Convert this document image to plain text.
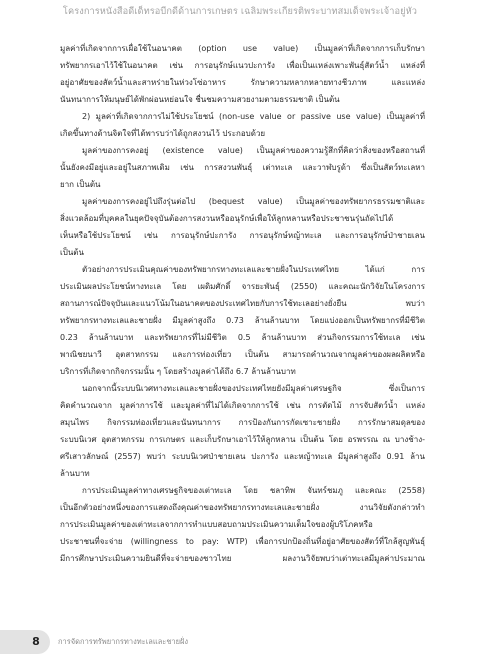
โครงการหนังสือดีเด็ทรอบีกดีด้านการเกษตร เฉลิมพระเกียรติพระบาทสมเด็จพระเจ้าอยู่หัว
มูลค่าที่เกิดจากการเผื่อใช้ในอนาคต (option use value) เป็นมูลค่าที่เกิดจากการเก็บรักษา
ทรัพยากรเอาไว้ใช้ในอนาคต เช่น การอนุรักษ์แนวปะการัง เพื่อเป็นแหล่งเพาะพันธุ์สัตว์น้ำ แหล่งที่
อยู่อาศัยของสัตว์น้ำและสาหร่ายในห่วงโซ่อาหาร รักษาความหลากหลายทางชีวภาพ และแหล่ง
นันทนาการให้มนุษย์ได้พักผ่อนหย่อนใจ ชื่นชมความสวยงามตามธรรมชาติ เป็นต้น
2) มูลค่าที่เกิดจากการไม่ใช้ประโยชน์ (non-use value or passive use value) เป็นมูลค่าที่
เกิดขึ้นทางด้านจิตใจที่ได้พารบว่าได้ถูกสงวนไว้ ประกอบด้วย
มูลค่าของการคงอยู่ (existence value) เป็นมูลค่าของความรู้สึกที่คิดว่าสิ่งของหรือสถานที่
นั้นยังคงมีอยู่และอยู่ในสภาพเดิม เช่น การสงวนพันธุ์ เต่าทะเล และวาฬบรูด้า ซึ่งเป็นสัตว์ทะเลหา
ยาก เป็นต้น
มูลค่าของการคงอยู่ไปถึงรุ่นต่อไป (bequest value) เป็นมูลค่าของทรัพยากรธรรมชาติและ
สิ่งแวดล้อมที่บุคคลในยุคปัจจุบันต้องการสงวนหรืออนุรักษ์เพื่อให้ลูกหลานหรือประชาชนรุ่นถัดไปได้
เห็นหรือใช้ประโยชน์ เช่น การอนุรักษ์ปะการัง การอนุรักษ์หญ้าทะเล และการอนุรักษ์ป่าชายเลน
เป็นต้น
ตัวอย่างการประเมินคุณค่าของทรัพยากรทางทะเลและชายฝั่งในประเทศไทย ได้แก่ การ
ประเมินผลประโยชน์ทางทะเล โดย เผดิมศักดิ์ จารยะพันธุ์ (2550) และคณะนักวิจัยในโครงการ
สถานการณ์ปัจจุบันและแนวโน้มในอนาคตของประเทศไทยกับการใช้ทะเลอย่างยั่งยืน พบว่า
ทรัพยากรทางทะเลและชายฝั่ง มีมูลค่าสูงถึง 0.73 ล้านล้านบาท โดยแบ่งออกเป็นทรัพยากรที่มีชีวิต
0.23 ล้านล้านบาท และทรัพยากรที่ไม่มีชีวิต 0.5 ล้านล้านบาท ส่วนกิจกรรมการใช้ทะเล เช่น
พาณิชยนาวี อุตสาหกรรม และการท่องเที่ยว เป็นต้น สามารถคำนวณจากมูลค่าของผลผลิตหรือ
บริการที่เกิดจากกิจกรรมนั้น ๆ โดยสร้างมูลค่าได้ถึง 6.7 ล้านล้านบาท
นอกจากนี้ระบบนิเวศทางทะเลและชายฝั่งของประเทศไทยยังมีมูลค่าเศรษฐกิจ ซึ่งเป็นการ
คิดคำนวณจาก มูลค่าการใช้ และมูลค่าที่ไม่ได้เกิดจากการใช้ เช่น การตัดไม้ การจับสัตว์น้ำ แหล่ง
สมุนไพร กิจกรรมท่องเที่ยวและนันทนาการ การป้องกันการกัดเซาะชายฝั่ง การรักษาสมดุลของ
ระบบนิเวศ อุตสาหกรรม การเกษตร และเก็บรักษาเอาไว้ให้ลูกหลาน เป็นต้น โดย อรพรรณ ณ บางช้าง-
ศรีเสาวลักษณ์ (2557) พบว่า ระบบนิเวศป่าชายเลน ปะการัง และหญ้าทะเล มีมูลค่าสูงถึง 0.91 ล้าน
ล้านบาท
การประเมินมูลค่าทางเศรษฐกิจของเต่าทะเล โดย ชลาทิพ จันทร์ชมภู และคณะ (2558)
เป็นอีกตัวอย่างหนึ่งของการแสดงถึงคุณค่าของทรัพยากรทางทะเลและชายฝั่ง งานวิจัยดังกล่าวทำ
การประเมินมูลค่าของเต่าทะเลจากการทำแบบสอบถามประเมินความเต็มใจของผู้บริโภคหรือ
ประชาชนที่จะจ่าย (willingness to pay: WTP) เพื่อการปกป้องถิ่นที่อยู่อาศัยของสัตว์ที่ใกล้สูญพันธุ์
มีการศึกษาประเมินความยินดีที่จะจ่ายของชาวไทย ผลงานวิจัยพบว่าเต่าทะเลมีมูลค่าประมาณ
8	การจัดการทรัพยากรทางทะเลและชายฝั่ง
